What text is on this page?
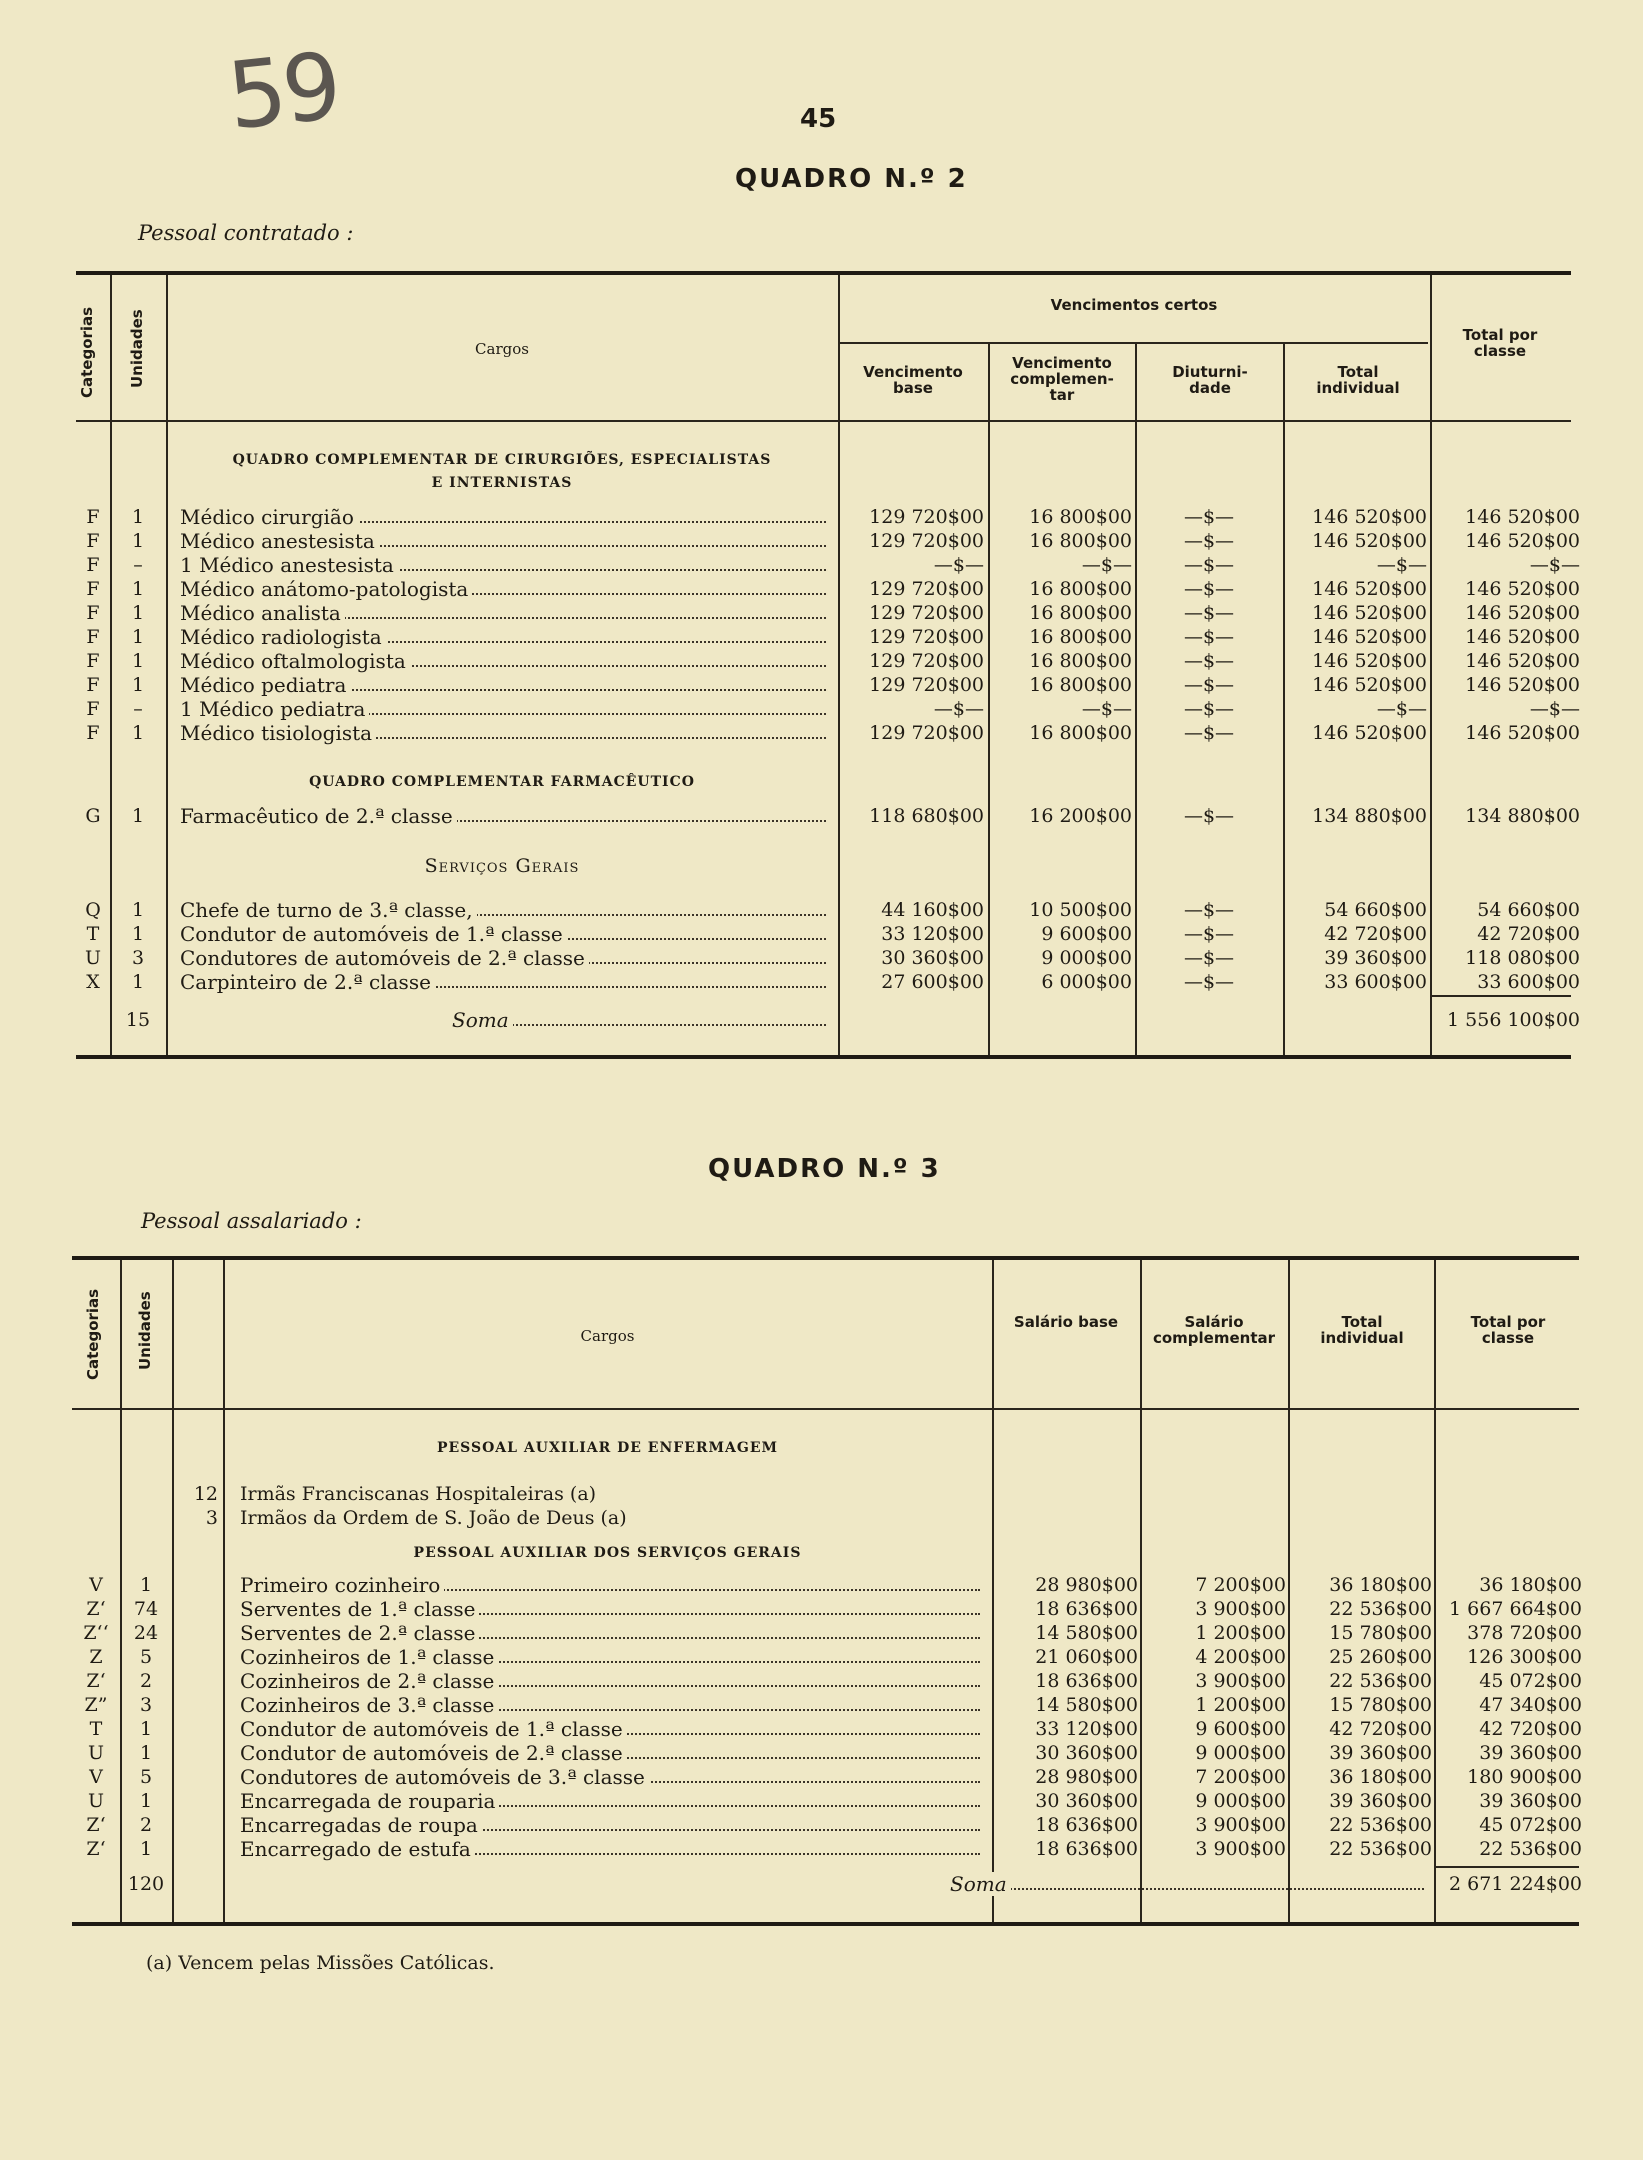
59	45
QUADRO N.º 2
Pessoal contratado :
Categorias Unidades	Cargos
Vencimentos certos
Vencimento base
Vencimento complemen- tar
Diuturni- dade
Total individual
Total por classe
QUADRO COMPLEMENTAR DE CIRURGIÕES, ESPECIALISTAS
E INTERNISTAS
QUADRO COMPLEMENTAR FARMACÊUTICO
Serviços Gerais
F	1	Médico cirurgião	129 720$00	16 800$00	—$—	146 520$00	146 520$00
F	1	Médico anestesista	129 720$00	16 800$00	—$—	146 520$00	146 520$00
F	–	1 Médico anestesista	—$—	—$—	—$—	—$—	—$—
F	1	Médico anátomo-patologista	129 720$00	16 800$00	—$—	146 520$00	146 520$00
F	1	Médico analista	129 720$00	16 800$00	—$—	146 520$00	146 520$00
F	1	Médico radiologista	129 720$00	16 800$00	—$—	146 520$00	146 520$00
F	1	Médico oftalmologista	129 720$00	16 800$00	—$—	146 520$00	146 520$00
F	1	Médico pediatra	129 720$00	16 800$00	—$—	146 520$00	146 520$00
F	–	1 Médico pediatra	—$—	—$—	—$—	—$—	—$—
F	1	Médico tisiologista	129 720$00	16 800$00	—$—	146 520$00	146 520$00
G	1	Farmacêutico de 2.ª classe	118 680$00	16 200$00	—$—	134 880$00	134 880$00
Q	1	Chefe de turno de 3.ª classe,	44 160$00	10 500$00	—$—	54 660$00	54 660$00
T	1	Condutor de automóveis de 1.ª classe	33 120$00	9 600$00	—$—	42 720$00	42 720$00
U	3	Condutores de automóveis de 2.ª classe	30 360$00	9 000$00	—$—	39 360$00	118 080$00
X	1	Carpinteiro de 2.ª classe	27 600$00	6 000$00	—$—	33 600$00	33 600$00
15	Soma	1 556 100$00
QUADRO N.º 3
Pessoal assalariado :
Categorias Unidades	Cargos
Salário base	Salário complementar
Total individual
Total por classe
PESSOAL AUXILIAR DE ENFERMAGEM
12 Irmãs Franciscanas Hospitaleiras (a)
3 Irmãos da Ordem de S. João de Deus (a)
PESSOAL AUXILIAR DOS SERVIÇOS GERAIS
V	1	Primeiro cozinheiro	28 980$00	7 200$00	36 180$00	36 180$00
Z‘	74	Serventes de 1.ª classe	18 636$00	3 900$00	22 536$00 1 667 664$00
Z‘‘	24	Serventes de 2.ª classe	14 580$00	1 200$00	15 780$00	378 720$00
Z	5	Cozinheiros de 1.ª classe	21 060$00	4 200$00	25 260$00	126 300$00
Z‘	2	Cozinheiros de 2.ª classe	18 636$00	3 900$00	22 536$00	45 072$00
Z”	3	Cozinheiros de 3.ª classe	14 580$00	1 200$00	15 780$00	47 340$00
T	1	Condutor de automóveis de 1.ª classe	33 120$00	9 600$00	42 720$00	42 720$00
U	1	Condutor de automóveis de 2.ª classe	30 360$00	9 000$00	39 360$00	39 360$00
V	5	Condutores de automóveis de 3.ª classe	28 980$00	7 200$00	36 180$00	180 900$00
U	1	Encarregada de rouparia	30 360$00	9 000$00	39 360$00	39 360$00
Z‘	2	Encarregadas de roupa	18 636$00	3 900$00	22 536$00	45 072$00
Z‘	1	Encarregado de estufa	18 636$00	3 900$00	22 536$00	22 536$00
120	Soma	2 671 224$00
(a) Vencem pelas Missões Católicas.
